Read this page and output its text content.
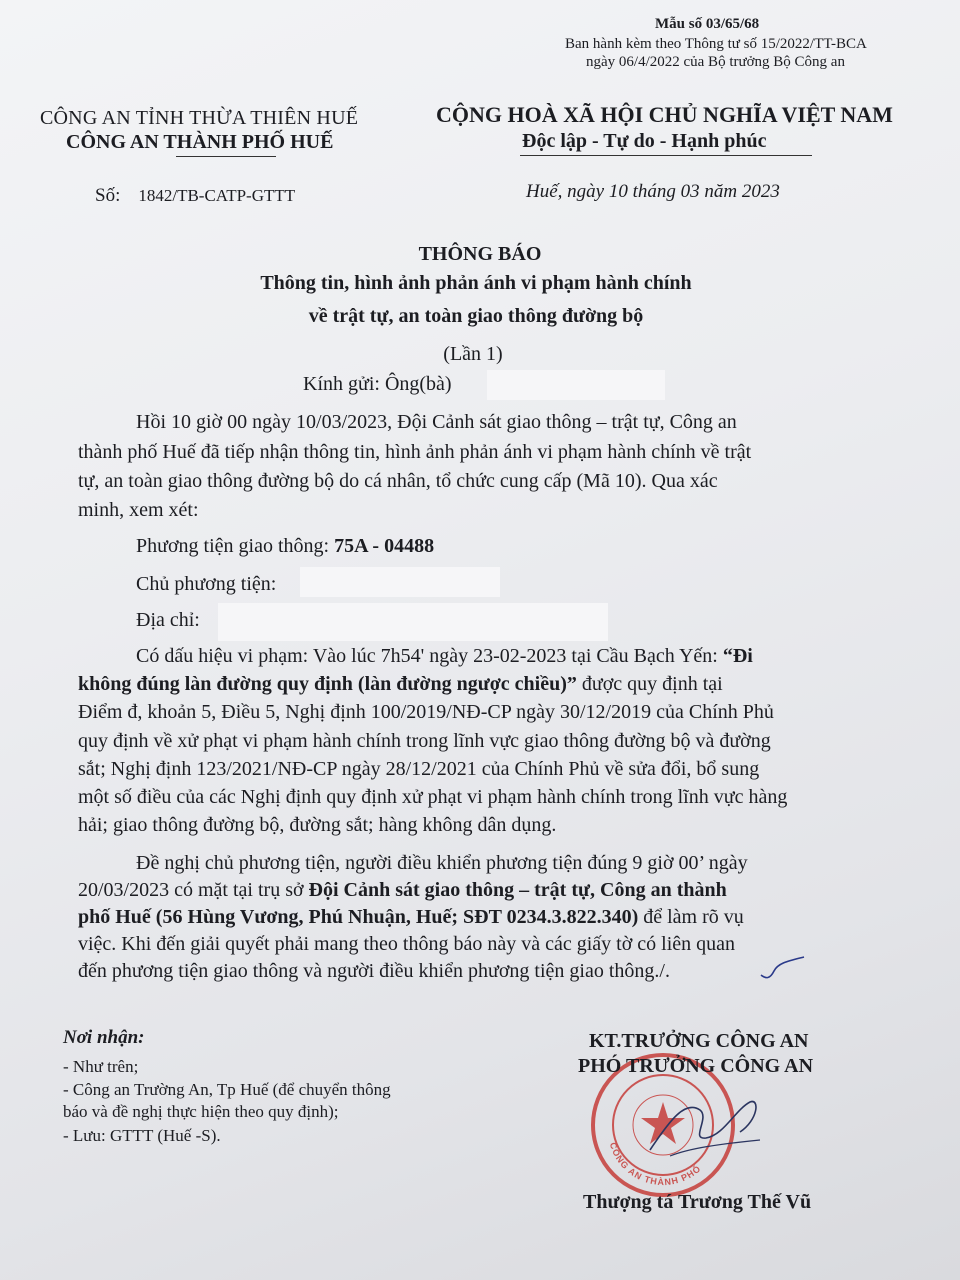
Mẫu số 03/65/68
Ban hành kèm theo Thông tư số 15/2022/TT-BCA
ngày 06/4/2022 của Bộ trưởng Bộ Công an
CÔNG AN TỈNH THỪA THIÊN HUẾ
CÔNG AN THÀNH PHỐ HUẾ
CỘNG HOÀ XÃ HỘI CHỦ NGHĨA VIỆT NAM
Độc lập - Tự do - Hạnh phúc
Số: 1842/TB-CATP-GTTT	Huế, ngày 10 tháng 03 năm 2023
THÔNG BÁO
Thông tin, hình ảnh phản ánh vi phạm hành chính
về trật tự, an toàn giao thông đường bộ
(Lần 1)
Kính gửi: Ông(bà)
Hồi 10 giờ 00 ngày 10/03/2023, Đội Cảnh sát giao thông – trật tự, Công an
thành phố Huế đã tiếp nhận thông tin, hình ảnh phản ánh vi phạm hành chính về trật
tự, an toàn giao thông đường bộ do cá nhân, tổ chức cung cấp (Mã 10). Qua xác
minh, xem xét:
Phương tiện giao thông: 75A - 04488
Chủ phương tiện:
Địa chỉ:
Có dấu hiệu vi phạm: Vào lúc 7h54' ngày 23-02-2023 tại Cầu Bạch Yến: “Đi
không đúng làn đường quy định (làn đường ngược chiều)” được quy định tại
Điểm đ, khoản 5, Điều 5, Nghị định 100/2019/NĐ-CP ngày 30/12/2019 của Chính Phủ
quy định về xử phạt vi phạm hành chính trong lĩnh vực giao thông đường bộ và đường
sắt; Nghị định 123/2021/NĐ-CP ngày 28/12/2021 của Chính Phủ về sửa đổi, bổ sung
một số điều của các Nghị định quy định xử phạt vi phạm hành chính trong lĩnh vực hàng
hải; giao thông đường bộ, đường sắt; hàng không dân dụng.
Đề nghị chủ phương tiện, người điều khiển phương tiện đúng 9 giờ 00’ ngày
20/03/2023 có mặt tại trụ sở Đội Cảnh sát giao thông – trật tự, Công an thành
phố Huế (56 Hùng Vương, Phú Nhuận, Huế; SĐT 0234.3.822.340) để làm rõ vụ
việc. Khi đến giải quyết phải mang theo thông báo này và các giấy tờ có liên quan
đến phương tiện giao thông và người điều khiển phương tiện giao thông./.
Nơi nhận:
- Như trên;
- Công an Trường An, Tp Huế (để chuyển thông
báo và đề nghị thực hiện theo quy định);
- Lưu: GTTT (Huế -S).
CÔNG AN THÀNH PHỐ
KT.TRƯỞNG CÔNG AN
PHÓ TRƯỞNG CÔNG AN
Thượng tá Trương Thế Vũ
